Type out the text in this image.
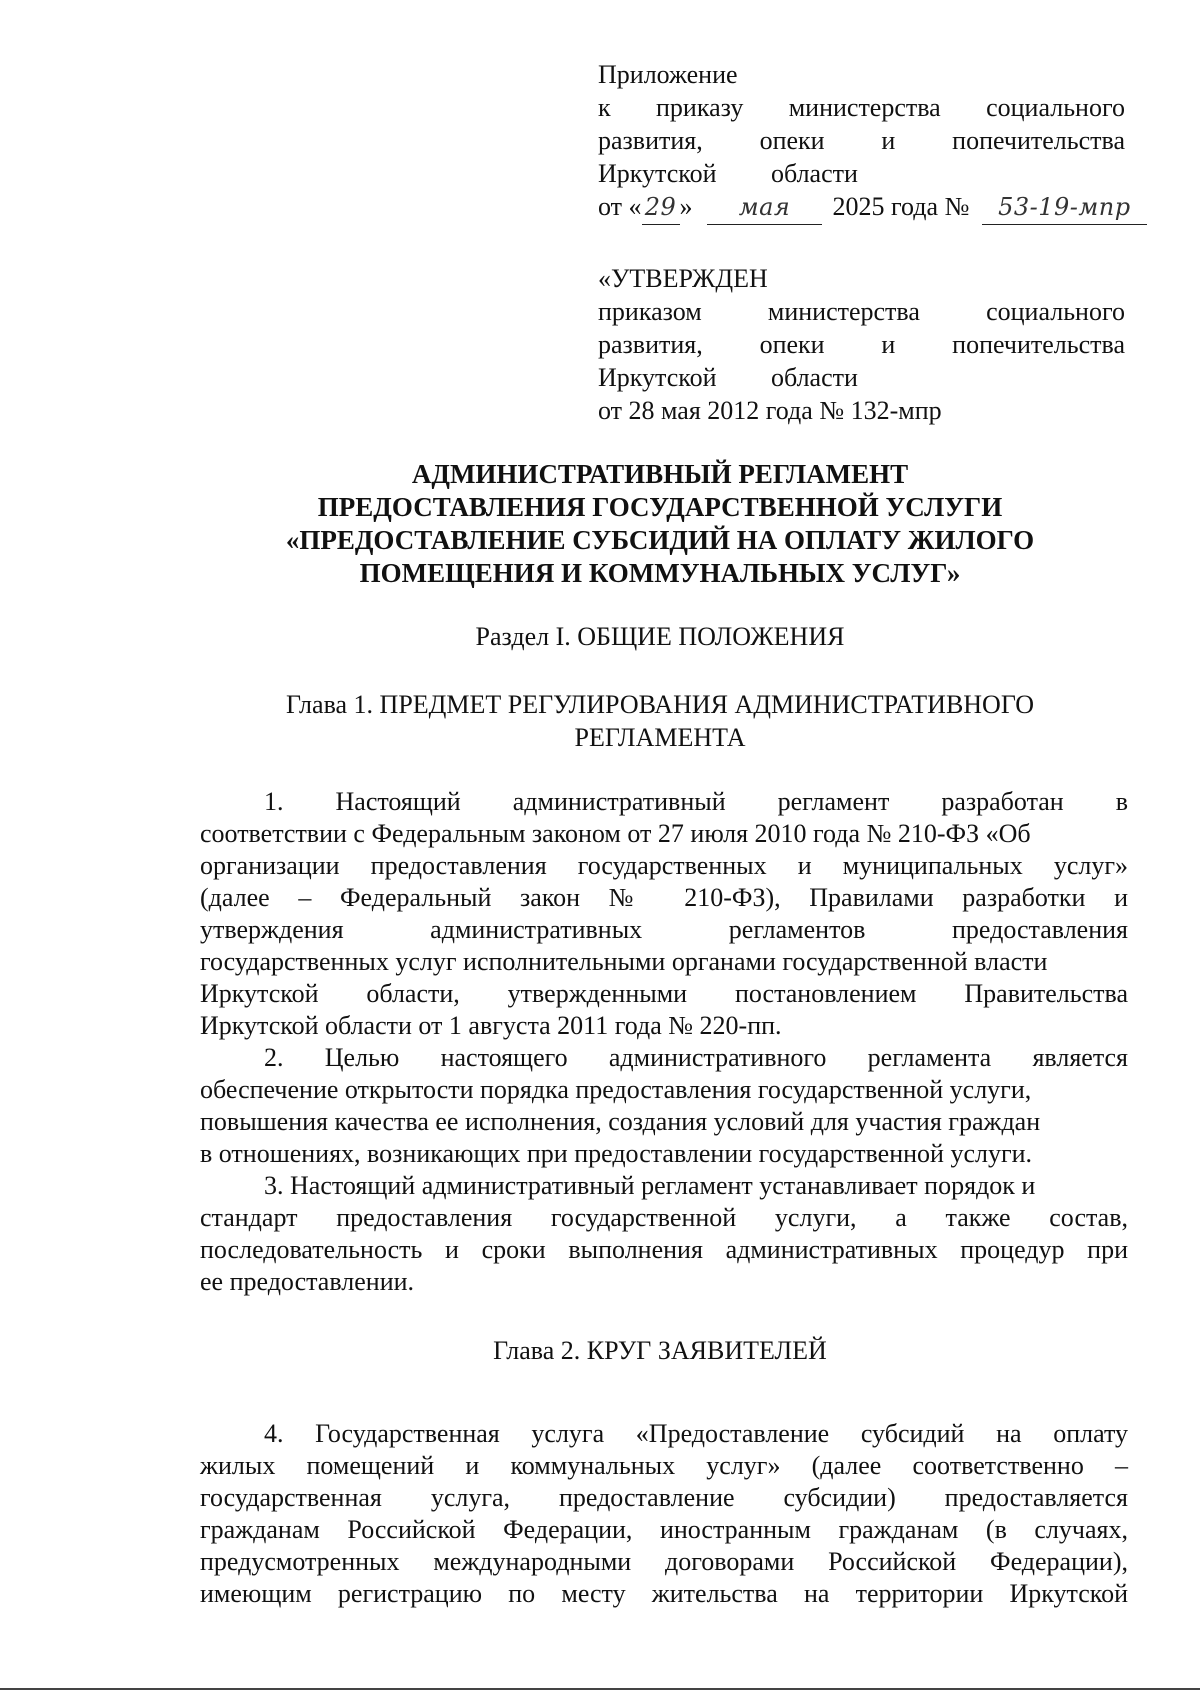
Приложение
к приказу министерства социального
развития, опеки и попечительства
Иркутской области
от « 29 » мая 2025 года № 53-19-мпр
«УТВЕРЖДЕН
приказом министерства социального
развития, опеки и попечительства
Иркутской области
от 28 мая 2012 года № 132-мпр
АДМИНИСТРАТИВНЫЙ РЕГЛАМЕНТ
ПРЕДОСТАВЛЕНИЯ ГОСУДАРСТВЕННОЙ УСЛУГИ
«ПРЕДОСТАВЛЕНИЕ СУБСИДИЙ НА ОПЛАТУ ЖИЛОГО
ПОМЕЩЕНИЯ И КОММУНАЛЬНЫХ УСЛУГ»
Раздел I. ОБЩИЕ ПОЛОЖЕНИЯ
Глава 1. ПРЕДМЕТ РЕГУЛИРОВАНИЯ АДМИНИСТРАТИВНОГО
РЕГЛАМЕНТА
1. Настоящий административный регламент разработан в
соответствии с Федеральным законом от 27 июля 2010 года № 210-ФЗ «Об
организации предоставления государственных и муниципальных услуг»
(далее – Федеральный закон № 210-ФЗ), Правилами разработки и
утверждения административных регламентов предоставления
государственных услуг исполнительными органами государственной власти
Иркутской области, утвержденными постановлением Правительства
Иркутской области от 1 августа 2011 года № 220-пп.
2. Целью настоящего административного регламента является
обеспечение открытости порядка предоставления государственной услуги,
повышения качества ее исполнения, создания условий для участия граждан
в отношениях, возникающих при предоставлении государственной услуги.
3. Настоящий административный регламент устанавливает порядок и
стандарт предоставления государственной услуги, а также состав,
последовательность и сроки выполнения административных процедур при
ее предоставлении.
Глава 2. КРУГ ЗАЯВИТЕЛЕЙ
4. Государственная услуга «Предоставление субсидий на оплату
жилых помещений и коммунальных услуг» (далее соответственно –
государственная услуга, предоставление субсидии) предоставляется
гражданам Российской Федерации, иностранным гражданам (в случаях,
предусмотренных международными договорами Российской Федерации),
имеющим регистрацию по месту жительства на территории Иркутской
